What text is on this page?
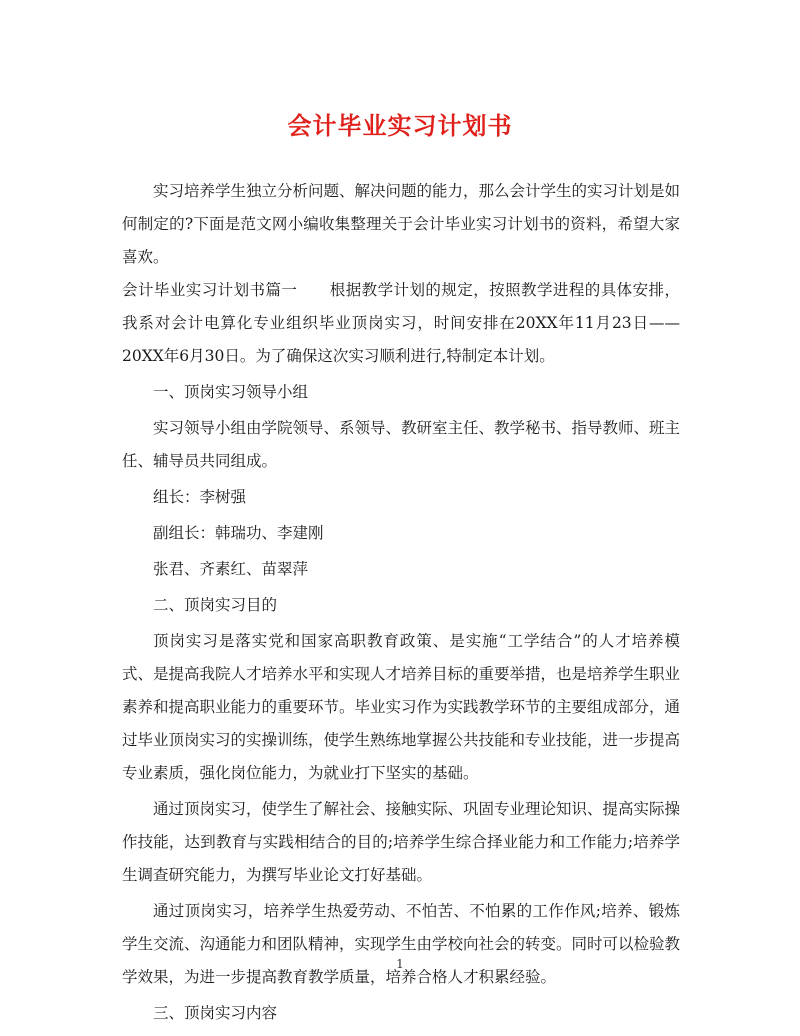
会计毕业实习计划书

实习培养学生独立分析问题、解决问题的能力，那么会计学生的实习计划是如何制定的?下面是范文网小编收集整理关于会计毕业实习计划书的资料，希望大家喜欢。

会计毕业实习计划书篇一 根据教学计划的规定，按照教学进程的具体安排，我系对会计电算化专业组织毕业顶岗实习，时间安排在20XX年11月23日——20XX年6月30日。为了确保这次实习顺利进行,特制定本计划。

一、顶岗实习领导小组

实习领导小组由学院领导、系领导、教研室主任、教学秘书、指导教师、班主任、辅导员共同组成。

组长：李树强

副组长：韩瑞功、李建刚

张君、齐素红、苗翠萍

二、顶岗实习目的

顶岗实习是落实党和国家高职教育政策、是实施“工学结合”的人才培养模式、是提高我院人才培养水平和实现人才培养目标的重要举措，也是培养学生职业素养和提高职业能力的重要环节。毕业实习作为实践教学环节的主要组成部分，通过毕业顶岗实习的实操训练，使学生熟练地掌握公共技能和专业技能，进一步提高专业素质，强化岗位能力，为就业打下坚实的基础。

通过顶岗实习，使学生了解社会、接触实际、巩固专业理论知识、提高实际操作技能，达到教育与实践相结合的目的;培养学生综合择业能力和工作能力;培养学生调查研究能力，为撰写毕业论文打好基础。

通过顶岗实习，培养学生热爱劳动、不怕苦、不怕累的工作作风;培养、锻炼学生交流、沟通能力和团队精神，实现学生由学校向社会的转变。同时可以检验教学效果，为进一步提高教育教学质量，培养合格人才积累经验。

三、顶岗实习内容

1
